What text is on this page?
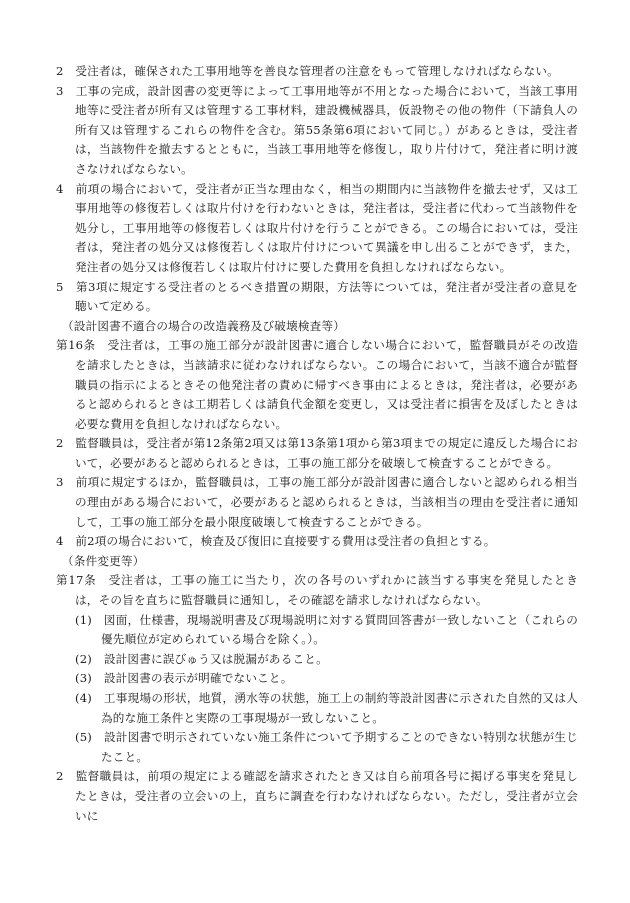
2　受注者は，確保された工事用地等を善良な管理者の注意をもって管理しなければならない。

3　工事の完成，設計図書の変更等によって工事用地等が不用となった場合において，当該工事用地等に受注者が所有又は管理する工事材料，建設機械器具，仮設物その他の物件（下請負人の所有又は管理するこれらの物件を含む。第55条第6項において同じ。）があるときは，受注者は，当該物件を撤去するとともに，当該工事用地等を修復し，取り片付けて，発注者に明け渡さなければならない。

4　前項の場合において，受注者が正当な理由なく，相当の期間内に当該物件を撤去せず，又は工事用地等の修復若しくは取片付けを行わないときは，発注者は，受注者に代わって当該物件を処分し，工事用地等の修復若しくは取片付けを行うことができる。この場合においては，受注者は，発注者の処分又は修復若しくは取片付けについて異議を申し出ることができず，また，発注者の処分又は修復若しくは取片付けに要した費用を負担しなければならない。

5　第3項に規定する受注者のとるべき措置の期限，方法等については，発注者が受注者の意見を聴いて定める。

（設計図書不適合の場合の改造義務及び破壊検査等）

第16条　受注者は，工事の施工部分が設計図書に適合しない場合において，監督職員がその改造を請求したときは，当該請求に従わなければならない。この場合において，当該不適合が監督職員の指示によるときその他発注者の責めに帰すべき事由によるときは，発注者は，必要があると認められるときは工期若しくは請負代金額を変更し，又は受注者に損害を及ぼしたときは必要な費用を負担しなければならない。

2　監督職員は，受注者が第12条第2項又は第13条第1項から第3項までの規定に違反した場合において，必要があると認められるときは，工事の施工部分を破壊して検査することができる。

3　前項に規定するほか，監督職員は，工事の施工部分が設計図書に適合しないと認められる相当の理由がある場合において，必要があると認められるときは，当該相当の理由を受注者に通知して，工事の施工部分を最小限度破壊して検査することができる。

4　前2項の場合において，検査及び復旧に直接要する費用は受注者の負担とする。

（条件変更等）

第17条　受注者は，工事の施工に当たり，次の各号のいずれかに該当する事実を発見したときは，その旨を直ちに監督職員に通知し，その確認を請求しなければならない。

(1)　図面，仕様書，現場説明書及び現場説明に対する質問回答書が一致しないこと（これらの優先順位が定められている場合を除く。）。

(2)　設計図書に誤びゅう又は脱漏があること。

(3)　設計図書の表示が明確でないこと。

(4)　工事現場の形状，地質，湧水等の状態，施工上の制約等設計図書に示された自然的又は人為的な施工条件と実際の工事現場が一致しないこと。

(5)　設計図書で明示されていない施工条件について予期することのできない特別な状態が生じたこと。

2　監督職員は，前項の規定による確認を請求されたとき又は自ら前項各号に掲げる事実を発見したときは，受注者の立会いの上，直ちに調査を行わなければならない。ただし，受注者が立会いに
